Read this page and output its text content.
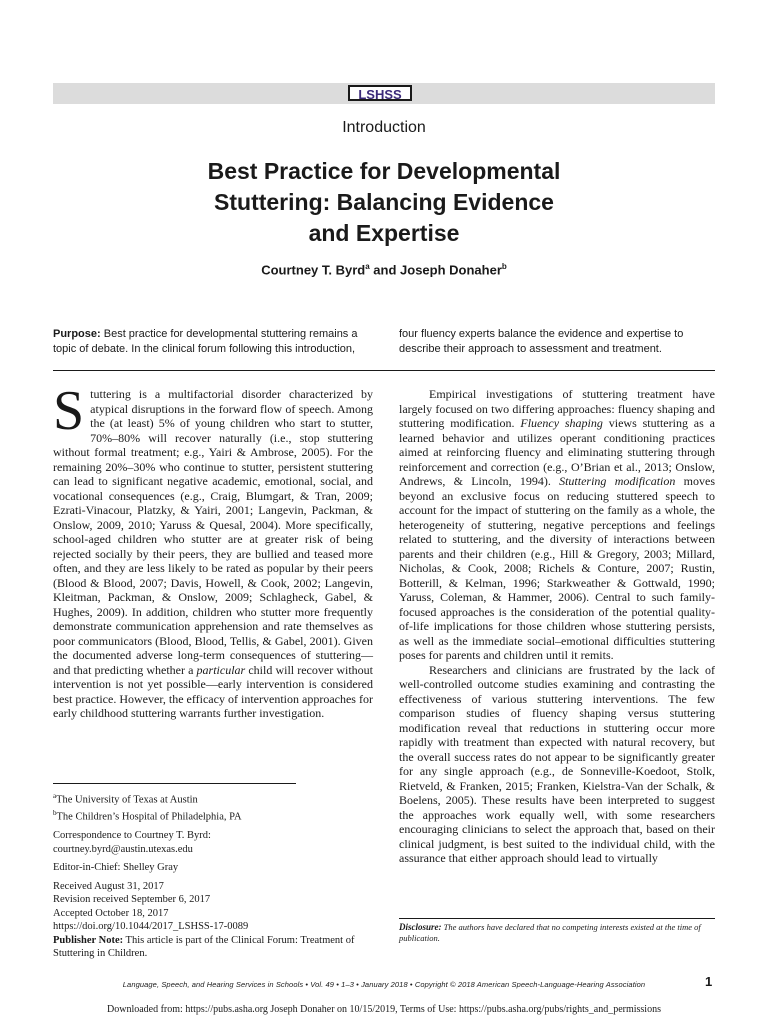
LSHSS
Introduction
Best Practice for Developmental
Stuttering: Balancing Evidence
and Expertise
Courtney T. Byrd$^a$ and Joseph Donaher$^b$
Purpose: Best practice for developmental stuttering remains a topic of debate. In the clinical forum following this introduction,
four fluency experts balance the evidence and expertise to describe their approach to assessment and treatment.

Stuttering is a multifactorial disorder characterized by atypical disruptions in the forward flow of speech. Among the (at least) 5% of young children who start to stutter, 70%–80% will recover naturally (i.e., stop stuttering without formal treatment; e.g., Yairi & Ambrose, 2005). For the remaining 20%–30% who continue to stutter, persistent stuttering can lead to significant negative academic, emotional, social, and vocational consequences (e.g., Craig, Blumgart, & Tran, 2009; Ezrati-Vinacour, Platzky, & Yairi, 2001; Langevin, Packman, & Onslow, 2009, 2010; Yaruss & Quesal, 2004). More specifically, school-aged children who stutter are at greater risk of being rejected socially by their peers, they are bullied and teased more often, and they are less likely to be rated as popular by their peers (Blood & Blood, 2007; Davis, Howell, & Cook, 2002; Langevin, Kleitman, Packman, & Onslow, 2009; Schlagheck, Gabel, & Hughes, 2009). In addition, children who stutter more frequently demonstrate communication apprehension and rate themselves as poor communicators (Blood, Blood, Tellis, & Gabel, 2001). Given the documented adverse long-term consequences of stuttering—and that predicting whether a particular child will recover without intervention is not yet possible—early intervention is considered best practice. However, the efficacy of intervention approaches for early childhood stuttering warrants further investigation.

Empirical investigations of stuttering treatment have largely focused on two differing approaches: fluency shaping and stuttering modification. Fluency shaping views stuttering as a learned behavior and utilizes operant conditioning practices aimed at reinforcing fluency and eliminating stuttering through reinforcement and correction (e.g., O’Brian et al., 2013; Onslow, Andrews, & Lincoln, 1994). Stuttering modification moves beyond an exclusive focus on reducing stuttered speech to account for the impact of stuttering on the family as a whole, the heterogeneity of stuttering, negative perceptions and feelings related to stuttering, and the diversity of interactions between parents and their children (e.g., Hill & Gregory, 2003; Millard, Nicholas, & Cook, 2008; Richels & Conture, 2007; Rustin, Botterill, & Kelman, 1996; Starkweather & Gottwald, 1990; Yaruss, Coleman, & Hammer, 2006). Central to such family-focused approaches is the consideration of the potential quality-of-life implications for those children whose stuttering persists, as well as the immediate social–emotional difficulties stuttering poses for parents and children until it remits.

Researchers and clinicians are frustrated by the lack of well-controlled outcome studies examining and contrasting the effectiveness of various stuttering interventions. The few comparison studies of fluency shaping versus stuttering modification reveal that reductions in stuttering occur more rapidly with treatment than expected with natural recovery, but the overall success rates do not appear to be significantly greater for any single approach (e.g., de Sonneville-Koedoot, Stolk, Rietveld, & Franken, 2015; Franken, Kielstra-Van der Schalk, & Boelens, 2005). These results have been interpreted to suggest the approaches work equally well, with some researchers encouraging clinicians to select the approach that, based on their clinical judgment, is best suited to the individual child, with the assurance that either approach should lead to virtually

$^a$The University of Texas at Austin
$^b$The Children’s Hospital of Philadelphia, PA
Correspondence to Courtney T. Byrd:
courtney.byrd@austin.utexas.edu
Editor-in-Chief: Shelley Gray
Received August 31, 2017
Revision received September 6, 2017
Accepted October 18, 2017
https://doi.org/10.1044/2017_LSHSS-17-0089
Publisher Note: This article is part of the Clinical Forum: Treatment of Stuttering in Children.
Disclosure: The authors have declared that no competing interests existed at the time of publication.
Language, Speech, and Hearing Services in Schools • Vol. 49 • 1–3 • January 2018 • Copyright © 2018 American Speech-Language-Hearing Association	1
Downloaded from: https://pubs.asha.org Joseph Donaher on 10/15/2019, Terms of Use: https://pubs.asha.org/pubs/rights_and_permissions
